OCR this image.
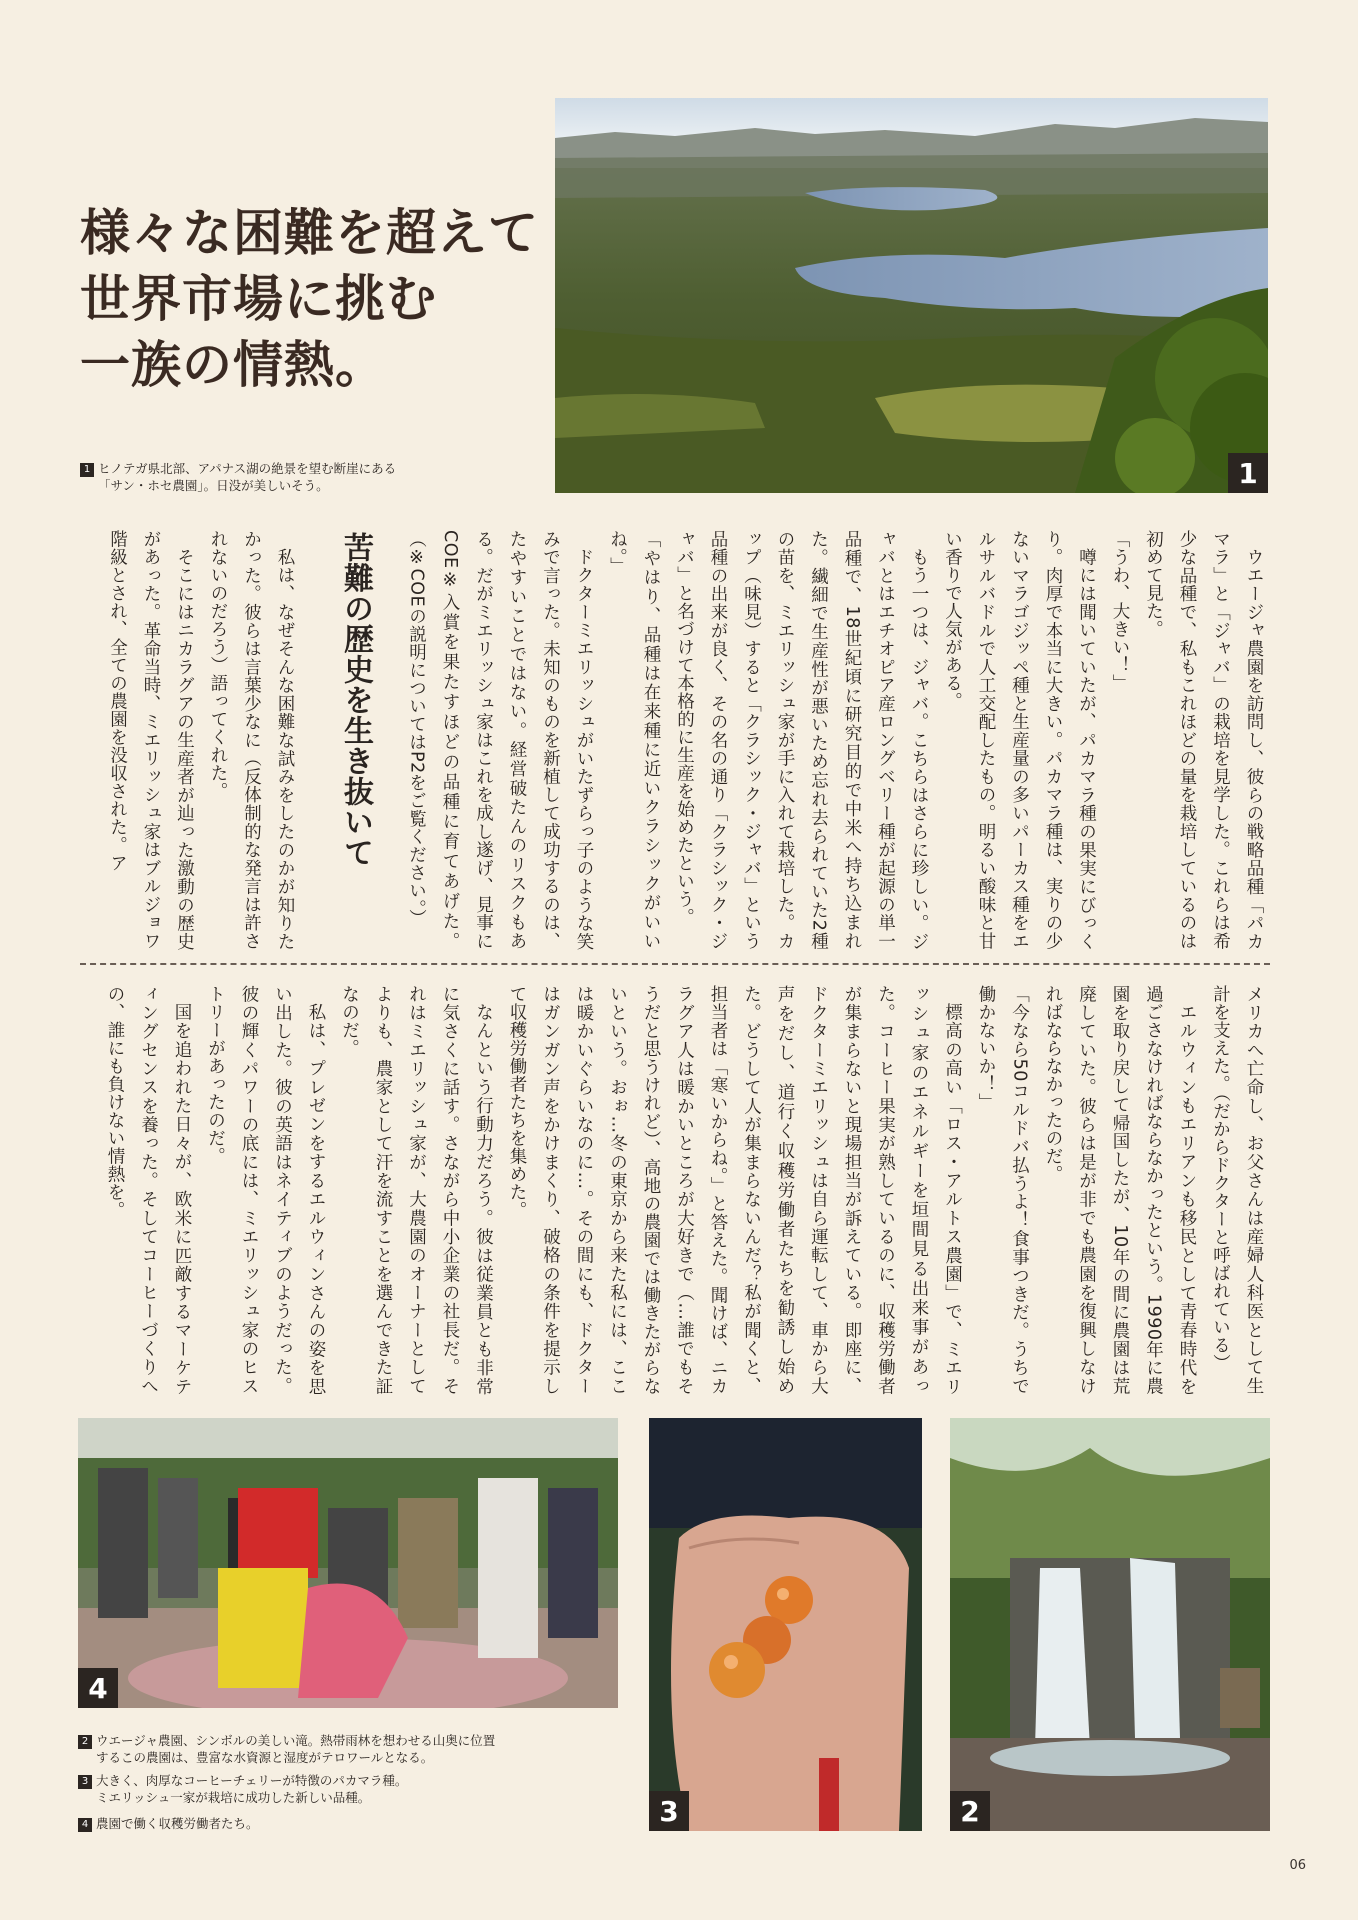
様々な困難を超えて
世界市場に挑む
一族の情熱。
1
1 ヒノテガ県北部、アパナス湖の絶景を望む断崖にある
「サン・ホセ農園」。日没が美しいそう。

ウエージャ農園を訪問し、彼らの戦略品種「パカマラ」と「ジャバ」の栽培を見学した。これらは希少な品種で、私もこれほどの量を栽培しているのは初めて見た。

「うわ、大きい！」

噂には聞いていたが、パカマラ種の果実にびっくり。肉厚で本当に大きい。パカマラ種は、実りの少ないマラゴジッペ種と生産量の多いパーカス種をエルサルバドルで人工交配したもの。明るい酸味と甘い香りで人気がある。

もう一つは、ジャバ。こちらはさらに珍しい。ジャバとはエチオピア産ロングベリー種が起源の単一品種で、18世紀頃に研究目的で中米へ持ち込まれた。繊細で生産性が悪いため忘れ去られていた2種の苗を、ミエリッシュ家が手に入れて栽培した。カップ（味見）すると「クラシック・ジャバ」という品種の出来が良く、その名の通り「クラシック・ジャバ」と名づけて本格的に生産を始めたという。

「やはり、品種は在来種に近いクラシックがいいね。」

ドクターミエリッシュがいたずらっ子のような笑みで言った。未知のものを新植して成功するのは、たやすいことではない。経営破たんのリスクもある。だがミエリッシュ家はこれを成し遂げ、見事にCOE※入賞を果たすほどの品種に育てあげた。（※COEの説明についてはP2をご覧ください。）

苦難の歴史を生き抜いて

私は、なぜそんな困難な試みをしたのかが知りたかった。彼らは言葉少なに（反体制的な発言は許されないのだろう）語ってくれた。

そこにはニカラグアの生産者が辿った激動の歴史があった。革命当時、ミエリッシュ家はブルジョワ階級とされ、全ての農園を没収された。ア

メリカへ亡命し、お父さんは産婦人科医として生計を支えた。（だからドクターと呼ばれている）

エルウィンもエリアンも移民として青春時代を過ごさなければならなかったという。1990年に農園を取り戻して帰国したが、10年の間に農園は荒廃していた。彼らは是が非でも農園を復興しなければならなかったのだ。

「今なら50コルドバ払うよ！食事つきだ。うちで働かないか！」

標高の高い「ロス・アルトス農園」で、ミエリッシュ家のエネルギーを垣間見る出来事があった。コーヒー果実が熟しているのに、収穫労働者が集まらないと現場担当が訴えている。即座に、ドクターミエリッシュは自ら運転して、車から大声をだし、道行く収穫労働者たちを勧誘し始めた。どうして人が集まらないんだ？私が聞くと、担当者は「寒いからね。」と答えた。聞けば、ニカラグア人は暖かいところが大好きで（…誰でもそうだと思うけれど）、高地の農園では働きたがらないという。おぉ…冬の東京から来た私には、ここは暖かいぐらいなのに…。その間にも、ドクターはガンガン声をかけまくり、破格の条件を提示して収穫労働者たちを集めた。

なんという行動力だろう。彼は従業員とも非常に気さくに話す。さながら中小企業の社長だ。それはミエリッシュ家が、大農園のオーナーとしてよりも、農家として汗を流すことを選んできた証なのだ。

私は、プレゼンをするエルウィンさんの姿を思い出した。彼の英語はネイティブのようだった。彼の輝くパワーの底には、ミエリッシュ家のヒストリーがあったのだ。

国を追われた日々が、欧米に匹敵するマーケティングセンスを養った。そしてコーヒーづくりへの、誰にも負けない情熱を。

4
3	2
2 ウエージャ農園、シンボルの美しい滝。熱帯雨林を想わせる山奥に位置
するこの農園は、豊富な水資源と湿度がテロワールとなる。
3 大きく、肉厚なコーヒーチェリーが特徴のパカマラ種。
ミエリッシュ一家が栽培に成功した新しい品種。
4 農園で働く収穫労働者たち。
06
